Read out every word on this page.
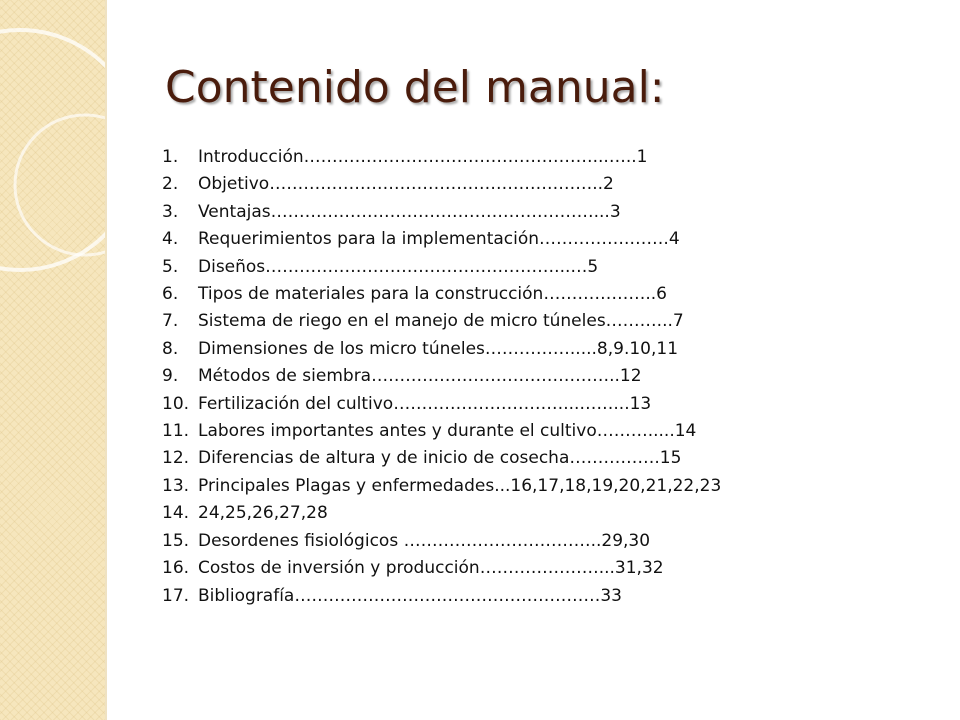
Contenido del manual:
1.	Introducción……………………………………………...…..1
2.	Objetivo…………………………………………………..2
3.	Ventajas…………………………………………………...3
4.	Requerimientos para la implementación…………….…….4
5.	Diseños……………………………………………...…5
6.	Tipos de materiales para la construcción………………..6
7.	Sistema de riego en el manejo de micro túneles………...7
8.	Dimensiones de los micro túneles…………….....8,9.10,11
9.	Métodos de siembra……………………………………..12
10. Fertilización del cultivo…………………………...……...13
11. Labores importantes antes y durante el cultivo……….....14
12. Diferencias de altura y de inicio de cosecha…………….15
13. Principales Plagas y enfermedades...16,17,18,19,20,21,22,23
14. 24,25,26,27,28
15. Desordenes fisiológicos ……………………………..29,30
16. Costos de inversión y producción…………………...31,32
17. Bibliografía………………………………………………33
